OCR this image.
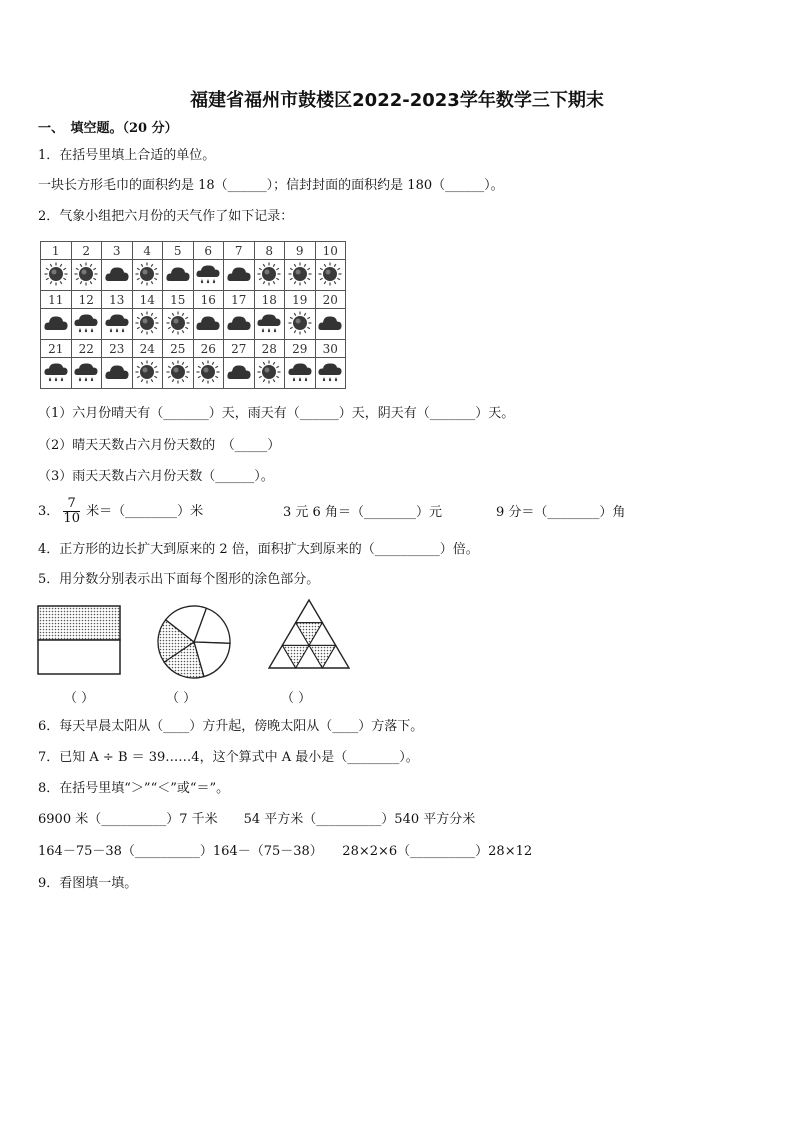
福建省福州市鼓楼区2022-2023学年数学三下期末
一、　填空题。（20 分）
1．在括号里填上合适的单位。
一块长方形毛巾的面积约是 18（______）；信封封面的面积约是 180（______）。
2．气象小组把六月份的天气作了如下记录：
1	2	3	4	5	6	7	8	9	10

11	12	13	14	15	16	17	18	19	20

21	22	23	24	25	26	27	28	29	30

（1）六月份晴天有（_______）天，雨天有（______）天，阴天有（_______）天。
（2）晴天天数占六月份天数的　（_____）
（3）雨天天数占六月份天数（______）。
3． $\frac{7}{10}$ 米＝（________）米	3 元 6 角＝（________）元	9 分＝（________）角
4．正方形的边长扩大到原来的 2 倍，面积扩大到原来的（__________）倍。
5．用分数分别表示出下面每个图形的涂色部分。
（ ）	（ ）	（ ）
6．每天早晨太阳从（____）方升起，傍晚太阳从（____）方落下。
7．已知 A ÷ B ＝ 39……4，这个算式中 A 最小是（________）。
8．在括号里填“＞”“＜”或“＝”。
6900 米（__________）7 千米　　54 平方米（__________）540 平方分米
164－75－38（__________）164－（75－38）　　28×2×6（__________）28×12
9．看图填一填。
